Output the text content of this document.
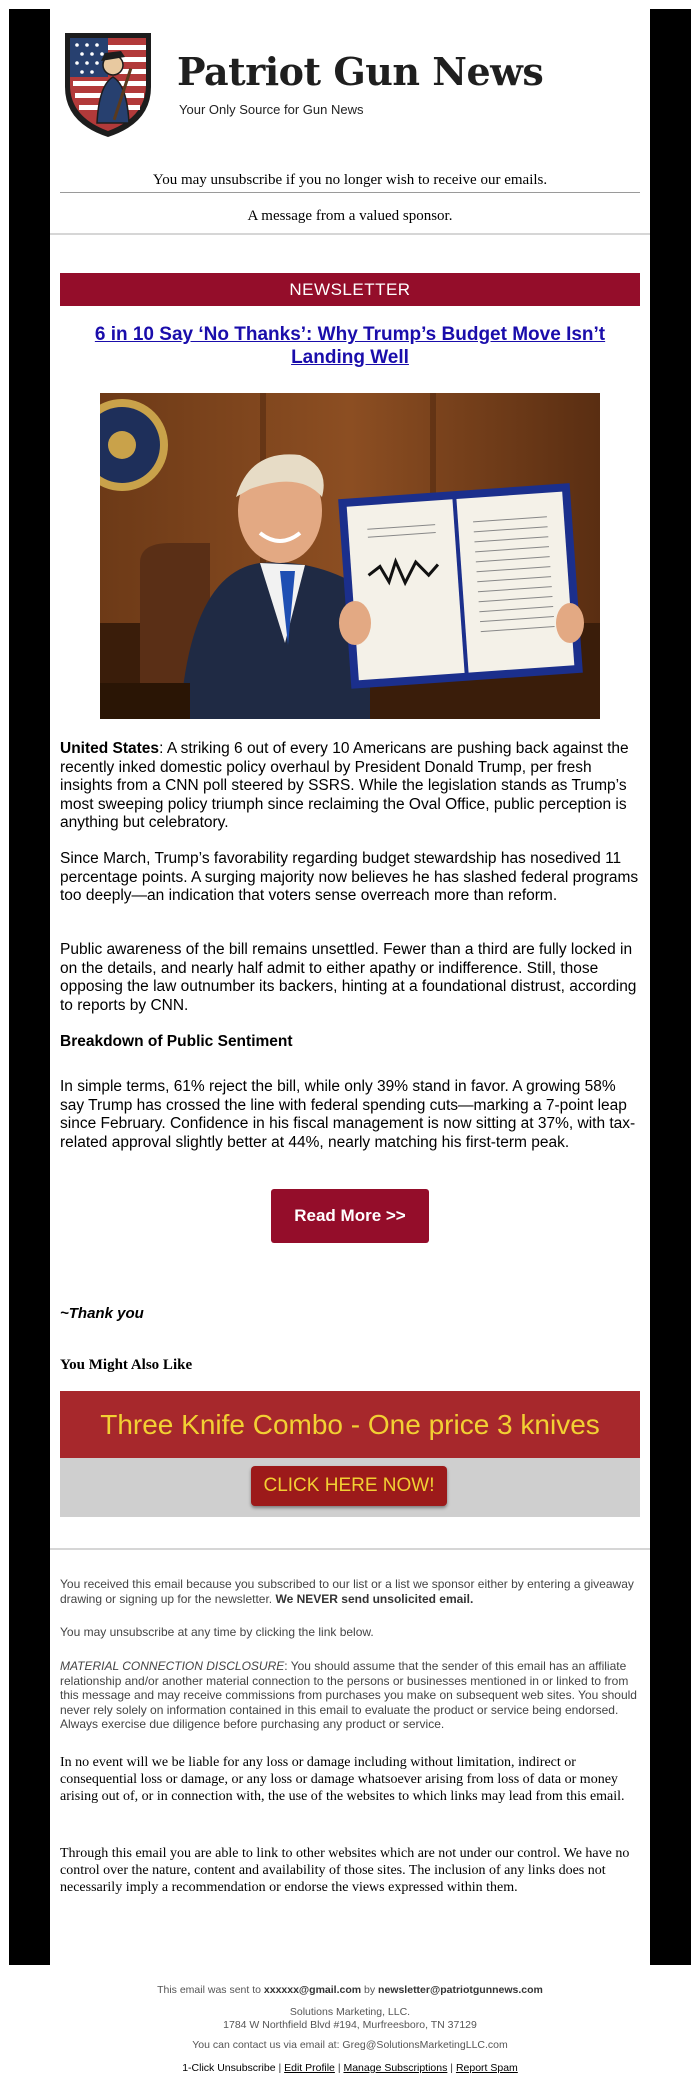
Patriot Gun News
Your Only Source for Gun News
You may unsubscribe if you no longer wish to receive our emails.
A message from a valued sponsor.
NEWSLETTER
6 in 10 Say ‘No Thanks’: Why Trump’s Budget Move Isn’t Landing Well
United States: A striking 6 out of every 10 Americans are pushing back against the recently inked domestic policy overhaul by President Donald Trump, per fresh insights from a CNN poll steered by SSRS. While the legislation stands as Trump’s most sweeping policy triumph since reclaiming the Oval Office, public perception is anything but celebratory.
Since March, Trump’s favorability regarding budget stewardship has nosedived 11 percentage points. A surging majority now believes he has slashed federal programs too deeply—an indication that voters sense overreach more than reform.
Public awareness of the bill remains unsettled. Fewer than a third are fully locked in on the details, and nearly half admit to either apathy or indifference. Still, those opposing the law outnumber its backers, hinting at a foundational distrust, according to reports by CNN.
Breakdown of Public Sentiment
In simple terms, 61% reject the bill, while only 39% stand in favor. A growing 58% say Trump has crossed the line with federal spending cuts—marking a 7-point leap since February. Confidence in his fiscal management is now sitting at 37%, with tax-related approval slightly better at 44%, nearly matching his first-term peak.
Read More >>
~Thank you
You Might Also Like
Three Knife Combo - One price 3 knives
CLICK HERE NOW!
You received this email because you subscribed to our list or a list we sponsor either by entering a giveaway drawing or signing up for the newsletter. We NEVER send unsolicited email.
You may unsubscribe at any time by clicking the link below.
MATERIAL CONNECTION DISCLOSURE: You should assume that the sender of this email has an affiliate relationship and/or another material connection to the persons or businesses mentioned in or linked to from this message and may receive commissions from purchases you make on subsequent web sites. You should never rely solely on information contained in this email to evaluate the product or service being endorsed. Always exercise due diligence before purchasing any product or service.
In no event will we be liable for any loss or damage including without limitation, indirect or consequential loss or damage, or any loss or damage whatsoever arising from loss of data or money arising out of, or in connection with, the use of the websites to which links may lead from this email.
Through this email you are able to link to other websites which are not under our control. We have no control over the nature, content and availability of those sites. The inclusion of any links does not necessarily imply a recommendation or endorse the views expressed within them.
This email was sent to xxxxxx@gmail.com by newsletter@patriotgunnews.com
Solutions Marketing, LLC.
1784 W Northfield Blvd #194, Murfreesboro, TN 37129
You can contact us via email at: Greg@SolutionsMarketingLLC.com
1-Click Unsubscribe | Edit Profile | Manage Subscriptions | Report Spam
